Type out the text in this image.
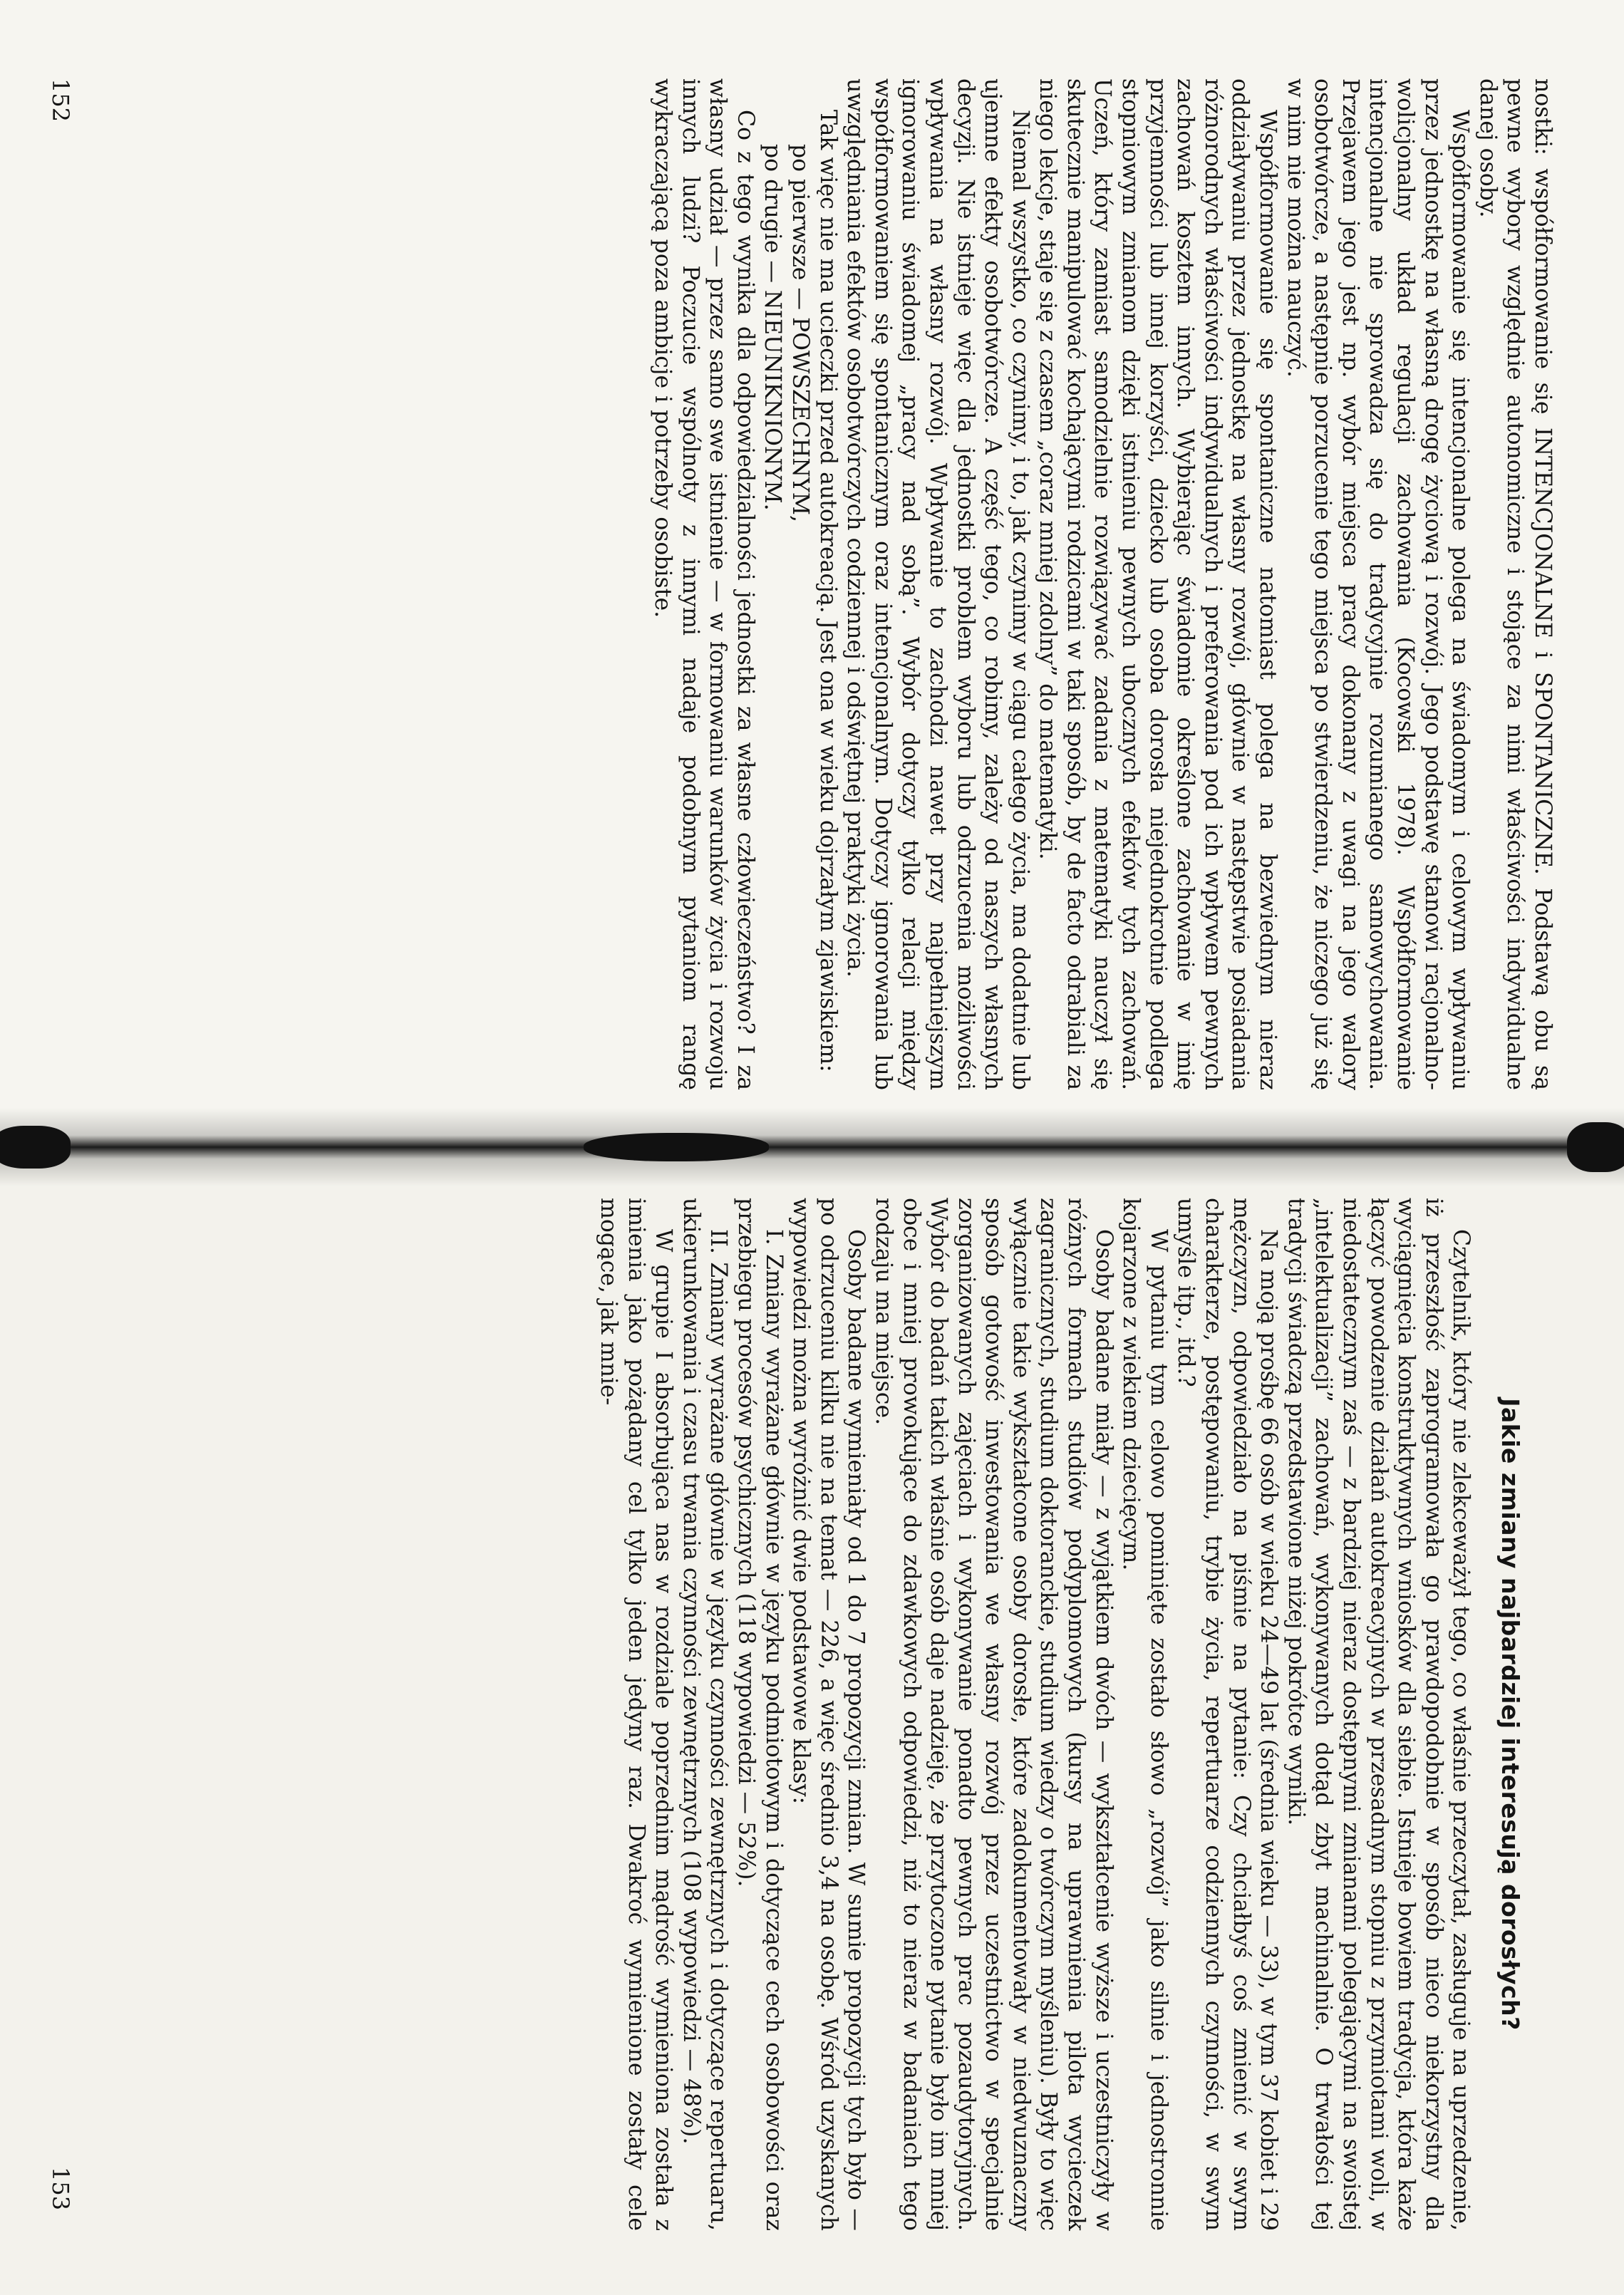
nostki: współformowanie się INTENCJONALNE i SPONTANICZNE. Podstawą obu są pewne wybory względnie autonomiczne i stojące za nimi właściwości indywidualne danej osoby.

Współformowanie się intencjonalne polega na świadomym i celowym wpływaniu przez jednostkę na własną drogę życiową i rozwój. Jego podstawę stanowi racjonalno-wolicjonalny układ regulacji zachowania (Kocowski 1978). Współformowanie intencjonalne nie sprowadza się do tradycyjnie rozumianego samowychowania. Przejawem jego jest np. wybór miejsca pracy dokonany z uwagi na jego walory osobotwórcze, a następnie porzucenie tego miejsca po stwierdzeniu, że niczego już się w nim nie można nauczyć.

Współformowanie się spontaniczne natomiast polega na bezwiednym nieraz oddziaływaniu przez jednostkę na własny rozwój, głównie w następstwie posiadania różnorodnych właściwości indywidualnych i preferowania pod ich wpływem pewnych zachowań kosztem innych. Wybierając świadomie określone zachowanie w imię przyjemności lub innej korzyści, dziecko lub osoba dorosła niejednokrotnie podlega stopniowym zmianom dzięki istnieniu pewnych ubocznych efektów tych zachowań. Uczeń, który zamiast samodzielnie rozwiązywać zadania z matematyki nauczył się skutecznie manipulować kochającymi rodzicami w taki sposób, by de facto odrabiali za niego lekcje, staje się z czasem „coraz mniej zdolny” do matematyki.

Niemal wszystko, co czynimy, i to, jak czynimy w ciągu całego życia, ma dodatnie lub ujemne efekty osobotwórcze. A część tego, co robimy, zależy od naszych własnych decyzji. Nie istnieje więc dla jednostki problem wyboru lub odrzucenia możliwości wpływania na własny rozwój. Wpływanie to zachodzi nawet przy najpełniejszym ignorowaniu świadomej „pracy nad sobą”. Wybór dotyczy tylko relacji między współformowaniem się spontanicznym oraz intencjonalnym. Dotyczy ignorowania lub uwzględniania efektów osobotwórczych codziennej i odświętnej praktyki życia.

Tak więc nie ma ucieczki przed autokreacją. Jest ona w wieku dojrzałym zjawiskiem:

po pierwsze — POWSZECHNYM,

po drugie — NIEUNIKNIONYM.

Co z tego wynika dla odpowiedzialności jednostki za własne człowieczeństwo? I za własny udział — przez samo swe istnienie — w formowaniu warunków życia i rozwoju innych ludzi? Poczucie wspólnoty z innymi nadaje podobnym pytaniom rangę wykraczającą poza ambicje i potrzeby osobiste.

152
Jakie zmiany najbardziej interesują dorosłych?

Czytelnik, który nie zlekceważył tego, co właśnie przeczytał, zasługuje na uprzedzenie, iż przeszłość zaprogramowała go prawdopodobnie w sposób nieco niekorzystny dla wyciągnięcia konstruktywnych wniosków dla siebie. Istnieje bowiem tradycja, która każe łączyć powodzenie działań autokreacyjnych w przesadnym stopniu z przymiotami woli, w niedostatecznym zaś — z bardziej nieraz dostępnymi zmianami polegającymi na swoistej „intelektualizacji” zachowań, wykonywanych dotąd zbyt machinalnie. O trwałości tej tradycji świadczą przedstawione niżej pokrótce wyniki.

Na moją prośbę 66 osób w wieku 24—49 lat (średnia wieku — 33), w tym 37 kobiet i 29 mężczyzn, odpowiedziało na piśmie na pytanie: Czy chciałbyś coś zmienić w swym charakterze, postępowaniu, trybie życia, repertuarze codziennych czynności, w swym umyśle itp., itd.?

W pytaniu tym celowo pominięte zostało słowo „rozwój” jako silnie i jednostronnie kojarzone z wiekiem dziecięcym.

Osoby badane miały — z wyjątkiem dwóch — wykształcenie wyższe i uczestniczyły w różnych formach studiów podyplomowych (kursy na uprawnienia pilota wycieczek zagranicznych, studium doktoranckie, studium wiedzy o twórczym myśleniu). Były to więc wyłącznie takie wykształcone osoby dorosłe, które zadokumentowały w niedwuznaczny sposób gotowość inwestowania we własny rozwój przez uczestnictwo w specjalnie zorganizowanych zajęciach i wykonywanie ponadto pewnych prac pozaudytoryjnych. Wybór do badań takich właśnie osób daje nadzieję, że przytoczone pytanie było im mniej obce i mniej prowokujące do zdawkowych odpowiedzi, niż to nieraz w badaniach tego rodzaju ma miejsce.

Osoby badane wymieniały od 1 do 7 propozycji zmian. W sumie propozycji tych było — po odrzuceniu kilku nie na temat — 226, a więc średnio 3,4 na osobę. Wśród uzyskanych wypowiedzi można wyróżnić dwie podstawowe klasy:

I. Zmiany wyrażane głównie w języku podmiotowym i dotyczące cech osobowości oraz przebiegu procesów psychicznych (118 wypowiedzi — 52%).

II. Zmiany wyrażane głównie w języku czynności zewnętrznych i dotyczące repertuaru, ukierunkowania i czasu trwania czynności zewnętrznych (108 wypowiedzi — 48%).

W grupie I absorbująca nas w rozdziale poprzednim mądrość wymieniona została z imienia jako pożądany cel tylko jeden jedyny raz. Dwakroć wymienione zostały cele mogące, jak mnie-

153
